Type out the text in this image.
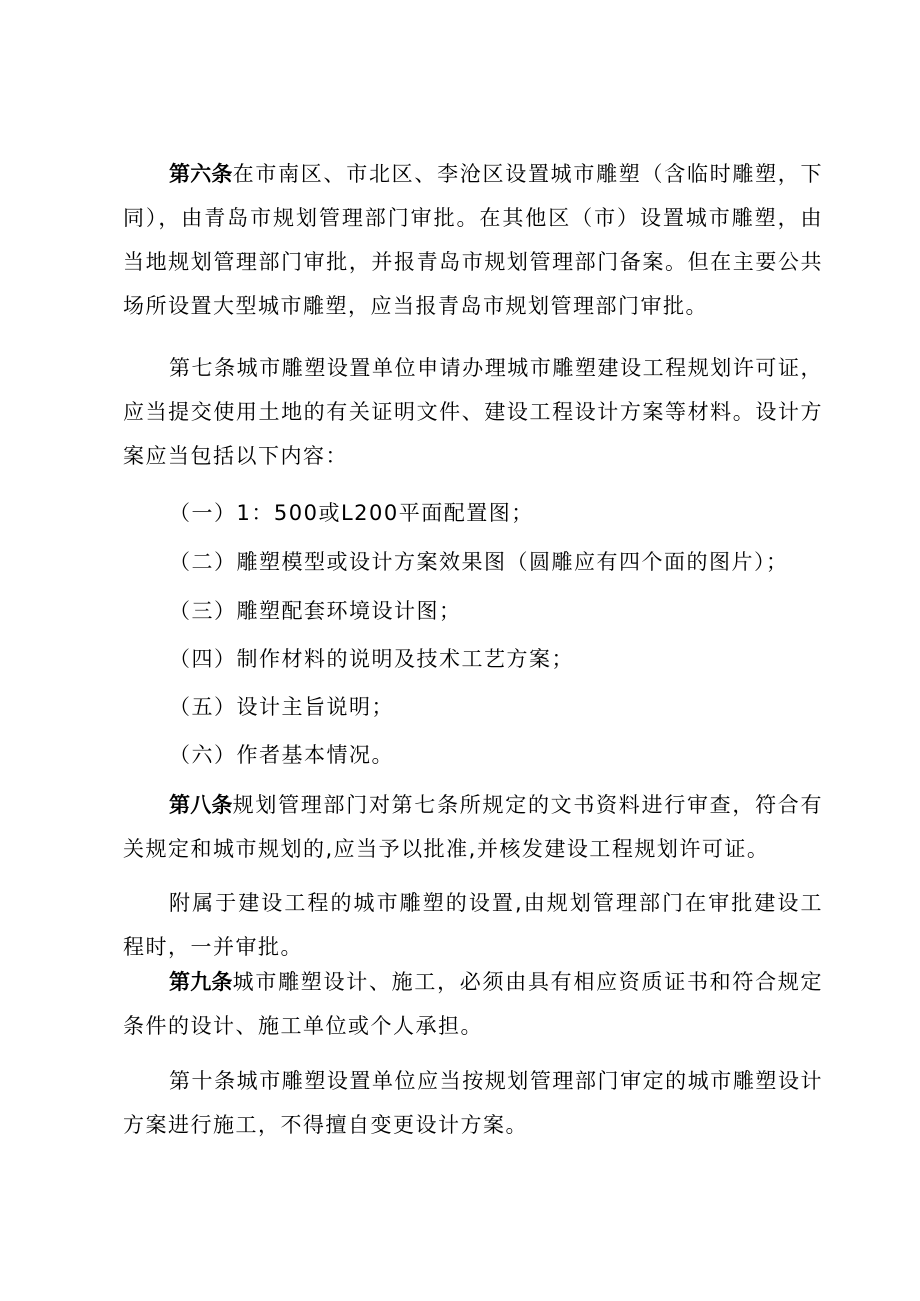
第六条在市南区、市北区、李沧区设置城市雕塑（含临时雕塑，下同），由青岛市规划管理部门审批。在其他区（市）设置城市雕塑，由当地规划管理部门审批，并报青岛市规划管理部门备案。但在主要公共场所设置大型城市雕塑，应当报青岛市规划管理部门审批。

第七条城市雕塑设置单位申请办理城市雕塑建设工程规划许可证，应当提交使用土地的有关证明文件、建设工程设计方案等材料。设计方案应当包括以下内容：

（一）1：500或L200平面配置图；

（二）雕塑模型或设计方案效果图（圆雕应有四个面的图片）；

（三）雕塑配套环境设计图；

（四）制作材料的说明及技术工艺方案；

（五）设计主旨说明；

（六）作者基本情况。

第八条规划管理部门对第七条所规定的文书资料进行审查，符合有关规定和城市规划的,应当予以批准,并核发建设工程规划许可证。

附属于建设工程的城市雕塑的设置,由规划管理部门在审批建设工程时，一并审批。

第九条城市雕塑设计、施工，必须由具有相应资质证书和符合规定条件的设计、施工单位或个人承担。

第十条城市雕塑设置单位应当按规划管理部门审定的城市雕塑设计方案进行施工，不得擅自变更设计方案。
